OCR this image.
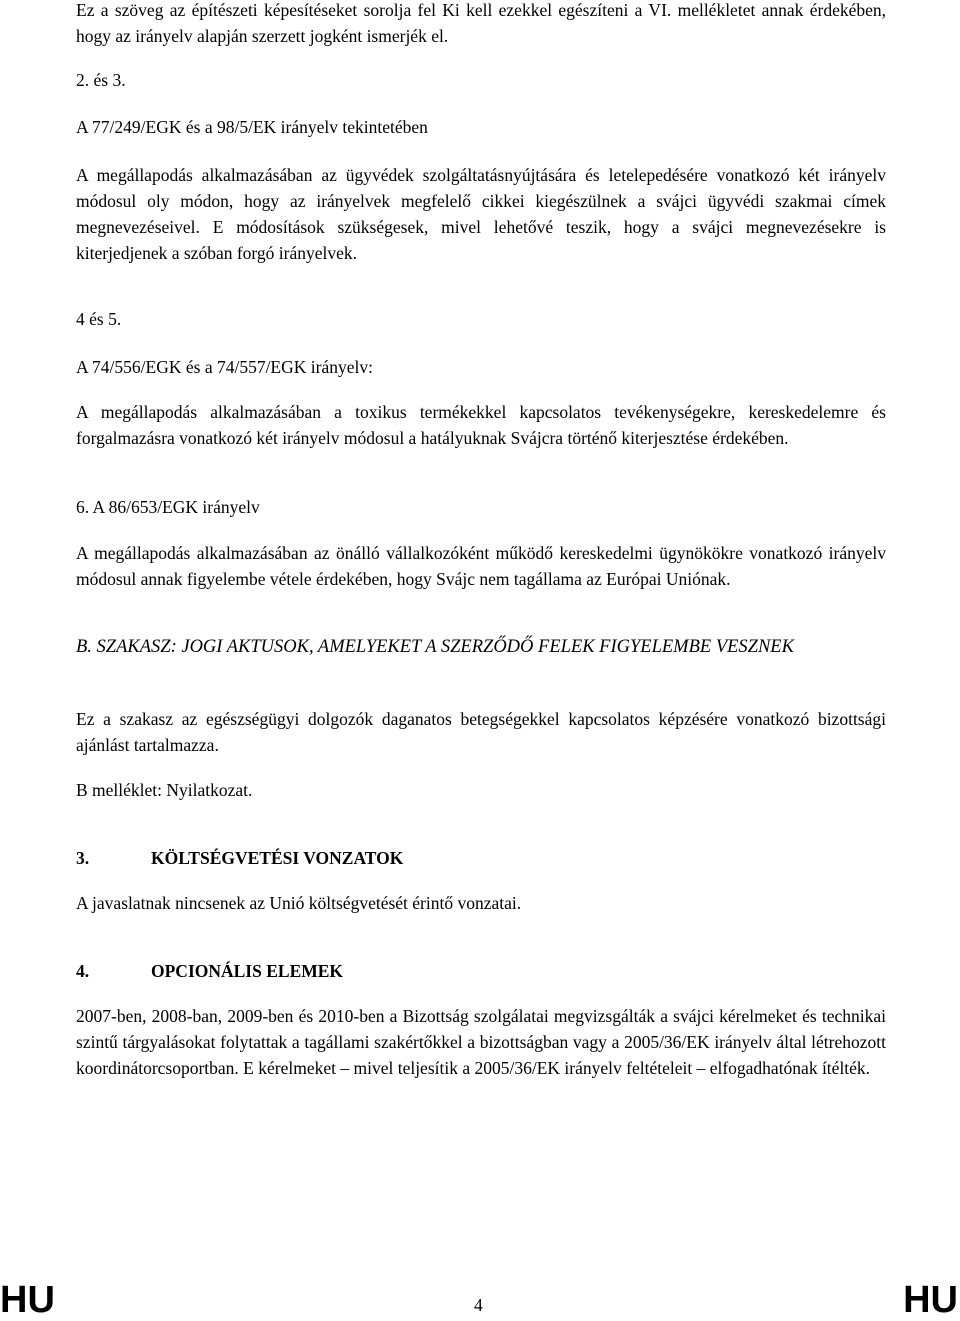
Ez a szöveg az építészeti képesítéseket sorolja fel Ki kell ezekkel egészíteni a VI. mellékletet annak érdekében, hogy az irányelv alapján szerzett jogként ismerjék el.

2. és 3.

A 77/249/EGK és a 98/5/EK irányelv tekintetében

A megállapodás alkalmazásában az ügyvédek szolgáltatásnyújtására és letelepedésére vonatkozó két irányelv módosul oly módon, hogy az irányelvek megfelelő cikkei kiegészülnek a svájci ügyvédi szakmai címek megnevezéseivel. E módosítások szükségesek, mivel lehetővé teszik, hogy a svájci megnevezésekre is kiterjedjenek a szóban forgó irányelvek.

4 és 5.

A 74/556/EGK és a 74/557/EGK irányelv:

A megállapodás alkalmazásában a toxikus termékekkel kapcsolatos tevékenységekre, kereskedelemre és forgalmazásra vonatkozó két irányelv módosul a hatályuknak Svájcra történő kiterjesztése érdekében.

6. A 86/653/EGK irányelv

A megállapodás alkalmazásában az önálló vállalkozóként működő kereskedelmi ügynökökre vonatkozó irányelv módosul annak figyelembe vétele érdekében, hogy Svájc nem tagállama az Európai Uniónak.

B. SZAKASZ: JOGI AKTUSOK, AMELYEKET A SZERZŐDŐ FELEK FIGYELEMBE VESZNEK

Ez a szakasz az egészségügyi dolgozók daganatos betegségekkel kapcsolatos képzésére vonatkozó bizottsági ajánlást tartalmazza.

B melléklet: Nyilatkozat.

3.	KÖLTSÉGVETÉSI VONZATOK

A javaslatnak nincsenek az Unió költségvetését érintő vonzatai.

4.	OPCIONÁLIS ELEMEK

2007-ben, 2008-ban, 2009-ben és 2010-ben a Bizottság szolgálatai megvizsgálták a svájci kérelmeket és technikai szintű tárgyalásokat folytattak a tagállami szakértőkkel a bizottságban vagy a 2005/36/EK irányelv által létrehozott koordinátorcsoportban. E kérelmeket – mivel teljesítik a 2005/36/EK irányelv feltételeit – elfogadhatónak ítélték.

HU	4	HU
